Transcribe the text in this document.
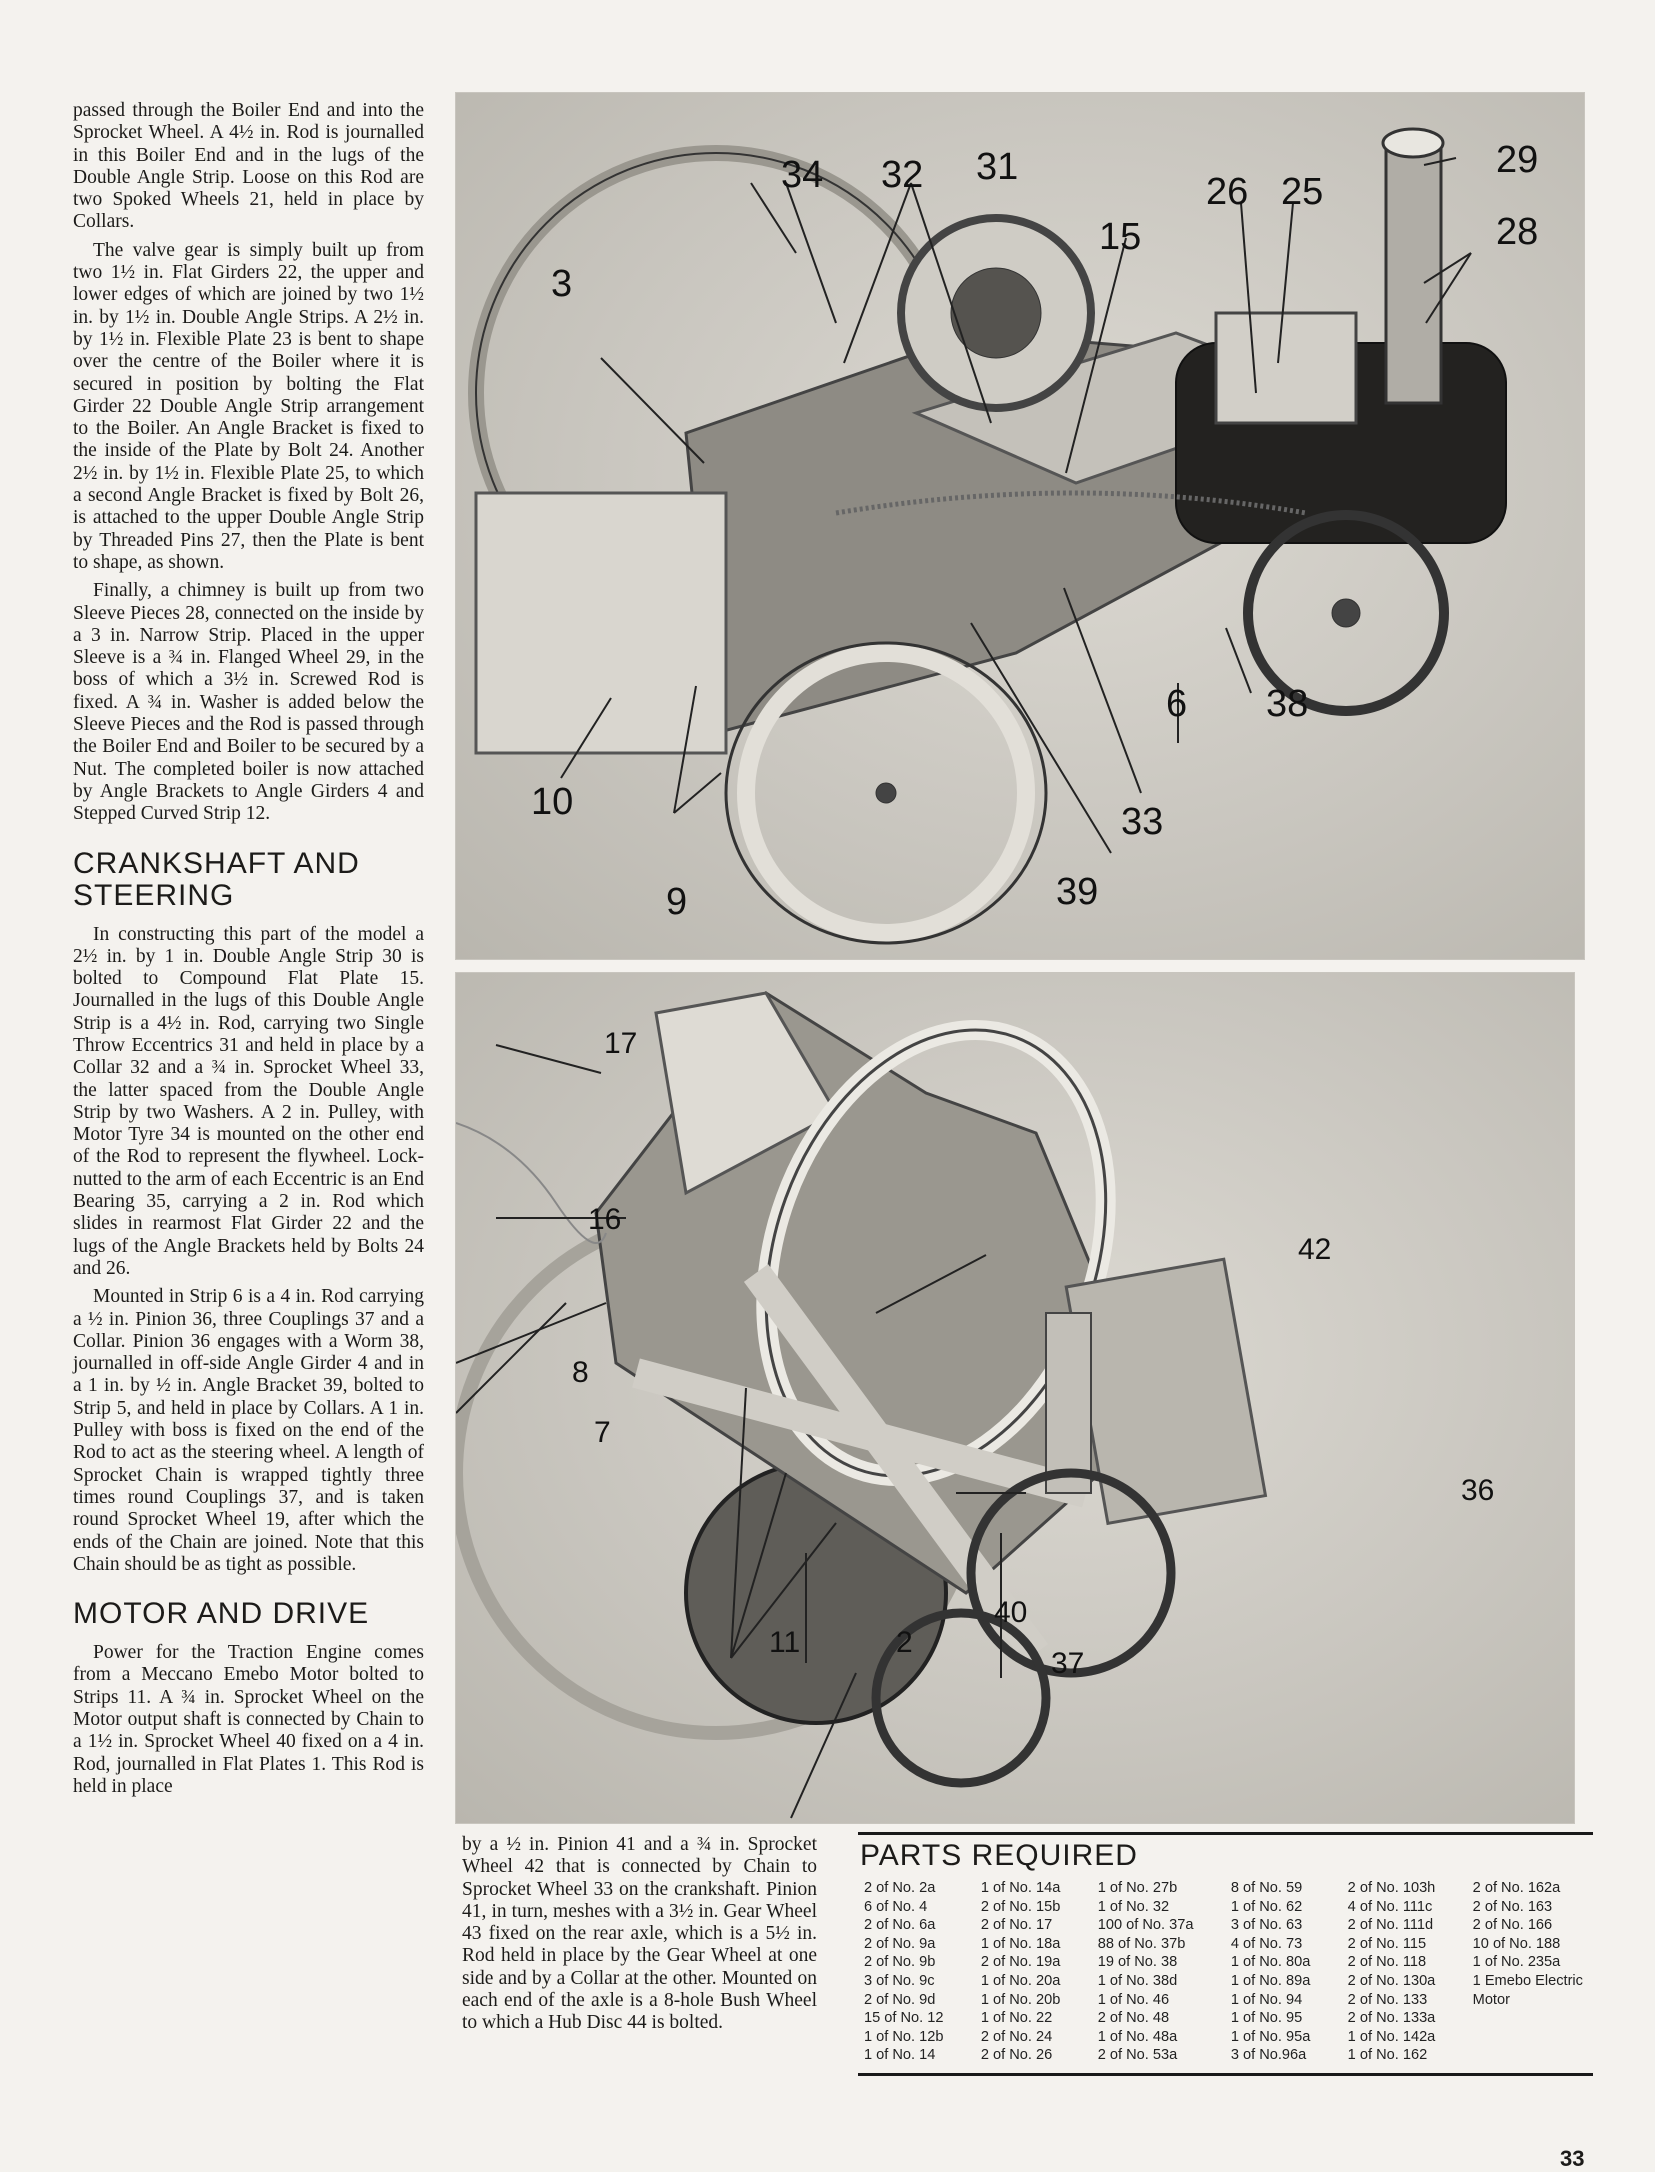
passed through the Boiler End and into the Sprocket Wheel. A 4½ in. Rod is journalled in this Boiler End and in the lugs of the Double Angle Strip. Loose on this Rod are two Spoked Wheels 21, held in place by Collars.

The valve gear is simply built up from two 1½ in. Flat Girders 22, the upper and lower edges of which are joined by two 1½ in. by 1½ in. Double Angle Strips. A 2½ in. by 1½ in. Flexible Plate 23 is bent to shape over the centre of the Boiler where it is secured in position by bolting the Flat Girder 22 Double Angle Strip arrangement to the Boiler. An Angle Bracket is fixed to the inside of the Plate by Bolt 24. Another 2½ in. by 1½ in. Flexible Plate 25, to which a second Angle Bracket is fixed by Bolt 26, is attached to the upper Double Angle Strip by Threaded Pins 27, then the Plate is bent to shape, as shown.

Finally, a chimney is built up from two Sleeve Pieces 28, connected on the inside by a 3 in. Narrow Strip. Placed in the upper Sleeve is a ¾ in. Flanged Wheel 29, in the boss of which a 3½ in. Screwed Rod is fixed. A ¾ in. Washer is added below the Sleeve Pieces and the Rod is passed through the Boiler End and Boiler to be secured by a Nut. The completed boiler is now attached by Angle Brackets to Angle Girders 4 and Stepped Curved Strip 12.

CRANKSHAFT AND STEERING

In constructing this part of the model a 2½ in. by 1 in. Double Angle Strip 30 is bolted to Compound Flat Plate 15. Journalled in the lugs of this Double Angle Strip is a 4½ in. Rod, carrying two Single Throw Eccentrics 31 and held in place by a Collar 32 and a ¾ in. Sprocket Wheel 33, the latter spaced from the Double Angle Strip by two Washers. A 2 in. Pulley, with Motor Tyre 34 is mounted on the other end of the Rod to represent the flywheel. Lock-nutted to the arm of each Eccentric is an End Bearing 35, carrying a 2 in. Rod which slides in rearmost Flat Girder 22 and the lugs of the Angle Brackets held by Bolts 24 and 26.

Mounted in Strip 6 is a 4 in. Rod carrying a ½ in. Pinion 36, three Couplings 37 and a Collar. Pinion 36 engages with a Worm 38, journalled in off-side Angle Girder 4 and in a 1 in. by ½ in. Angle Bracket 39, bolted to Strip 5, and held in place by Collars. A 1 in. Pulley with boss is fixed on the end of the Rod to act as the steering wheel. A length of Sprocket Chain is wrapped tightly three times round Couplings 37, and is taken round Sprocket Wheel 19, after which the ends of the Chain are joined. Note that this Chain should be as tight as possible.

MOTOR AND DRIVE

Power for the Traction Engine comes from a Meccano Emebo Motor bolted to Strips 11. A ¾ in. Sprocket Wheel on the Motor output shaft is connected by Chain to a 1½ in. Sprocket Wheel 40 fixed on a 4 in. Rod, journalled in Flat Plates 1. This Rod is held in place

34 32 31
15
26 25
29
28
3
10
9	39
33
6 38
17
16
8
7
42
36
40
11	2
37

by a ½ in. Pinion 41 and a ¾ in. Sprocket Wheel 42 that is connected by Chain to Sprocket Wheel 33 on the crankshaft. Pinion 41, in turn, meshes with a 3½ in. Gear Wheel 43 fixed on the rear axle, which is a 5½ in. Rod held in place by the Gear Wheel at one side and by a Collar at the other. Mounted on each end of the axle is a 8-hole Bush Wheel to which a Hub Disc 44 is bolted.

PARTS REQUIRED
2 of No. 2a
6 of No. 4
2 of No. 6a
2 of No. 9a
2 of No. 9b
3 of No. 9c
2 of No. 9d
15 of No. 12
1 of No. 12b
1 of No. 14
1 of No. 14a
2 of No. 15b
2 of No. 17
1 of No. 18a
2 of No. 19a
1 of No. 20a
1 of No. 20b
1 of No. 22
2 of No. 24
2 of No. 26
1 of No. 27b
1 of No. 32
100 of No. 37a
88 of No. 37b
19 of No. 38
1 of No. 38d
1 of No. 46
2 of No. 48
1 of No. 48a
2 of No. 53a
8 of No. 59
1 of No. 62
3 of No. 63
4 of No. 73
1 of No. 80a
1 of No. 89a
1 of No. 94
1 of No. 95
1 of No. 95a
3 of No.96a
2 of No. 103h
4 of No. 111c
2 of No. 111d
2 of No. 115
2 of No. 118
2 of No. 130a
2 of No. 133
2 of No. 133a
1 of No. 142a
1 of No. 162
2 of No. 162a
2 of No. 163
2 of No. 166
10 of No. 188
1 of No. 235a
1 Emebo Electric
Motor
33
